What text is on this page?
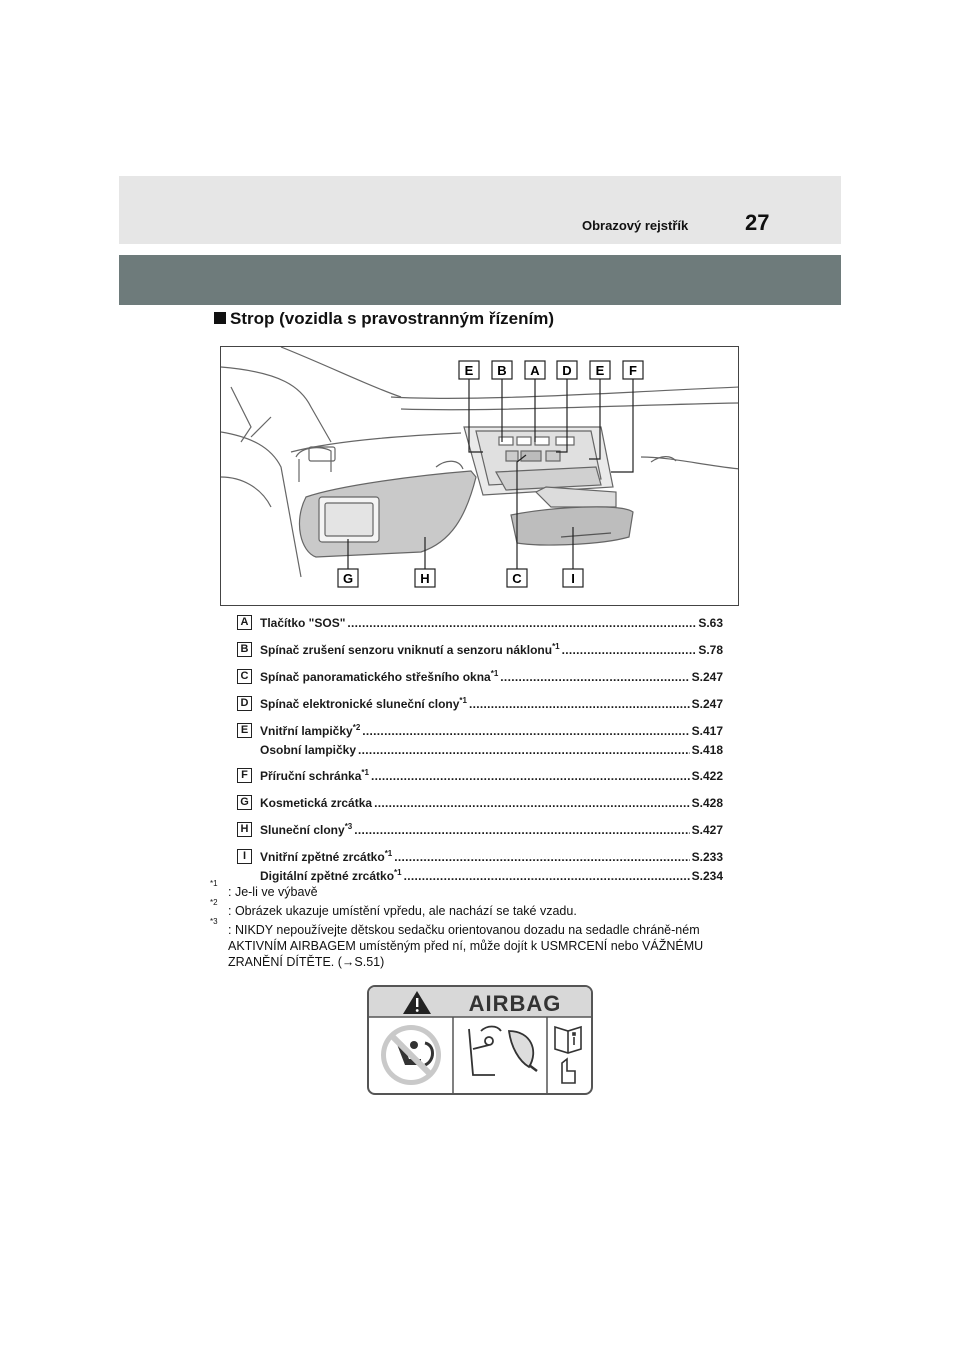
Obrazový rejstřík	27
Strop (vozidla s pravostranným řízením)
E B A D E F
G	H	C	I
A Tlačítko "SOS" .....	S.63
B Spínač zrušení senzoru vniknutí a senzoru náklonu$^{*1}$ .....	S.78
C Spínač panoramatického střešního okna$^{*1}$ .....	S.247
D Spínač elektronické sluneční clony$^{*1}$ .....	S.247
E Vnitřní lampičky$^{*2}$ .....	S.417
Osobní lampičky .....	S.418
F	Příruční schránka$^{*1}$ .....	S.422
G Kosmetická zrcátka .....	S.428
H Sluneční clony$^{*3}$ .....	S.427
I	Vnitřní zpětné zrcátko$^{*1}$ .....	S.233
Digitální zpětné zrcátko$^{*1}$ .....	S.234
*1
: Je-li ve výbavě
*2
: Obrázek ukazuje umístění vpředu, ale nachází se také vzadu.
*3
: NIKDY nepoužívejte dětskou sedačku orientovanou dozadu na sedadle chráně-ném AKTIVNÍM AIRBAGEM umístěným před ní, může dojít k USMRCENÍ nebo VÁŽNÉMU ZRANĚNÍ DÍTĚTE. (→S.51)
AIRBAG
